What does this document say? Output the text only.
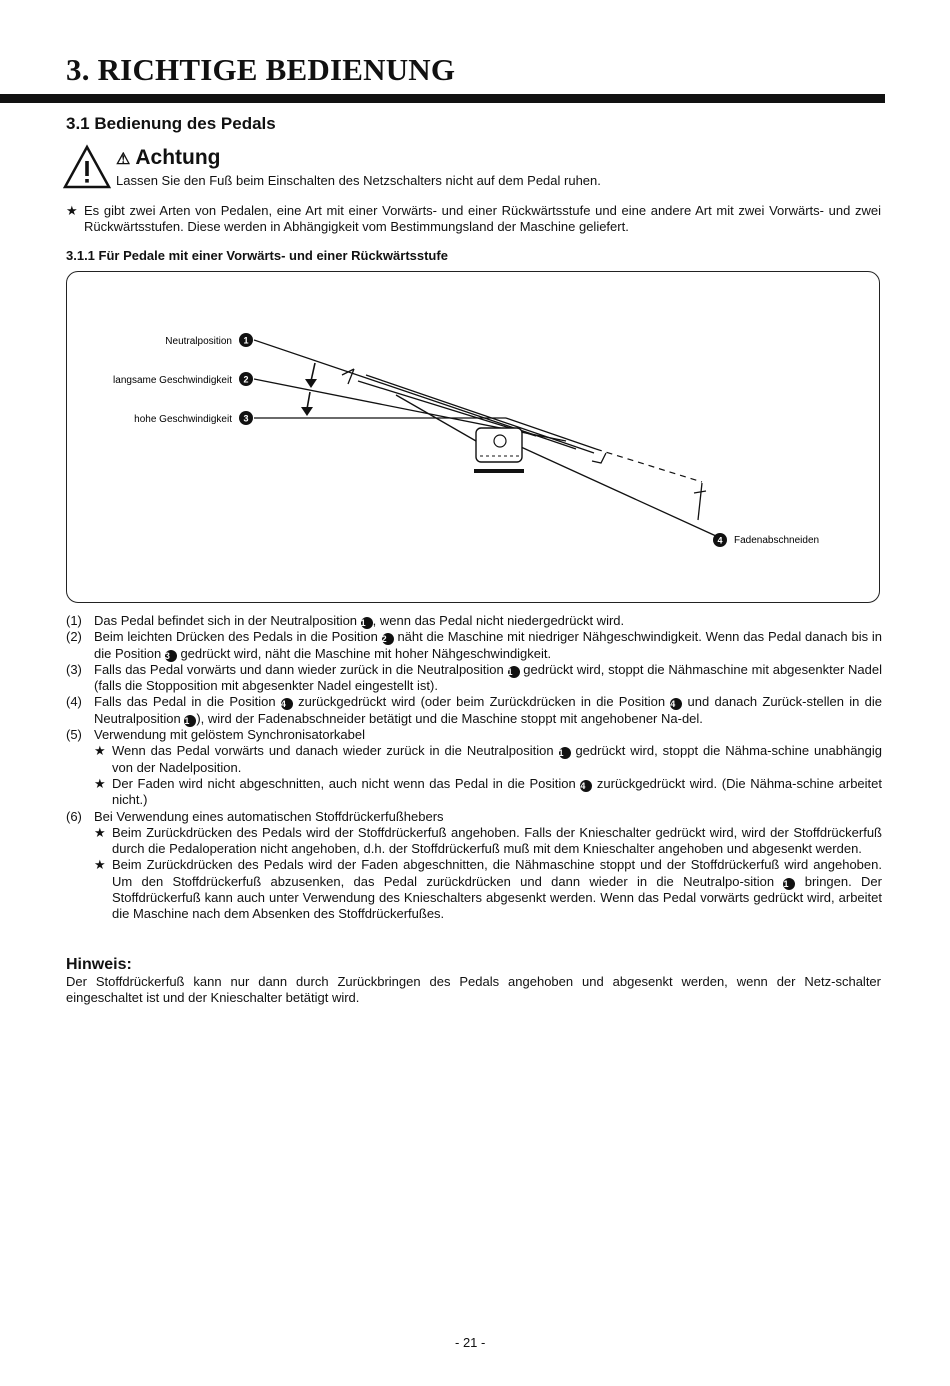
3. RICHTIGE BEDIENUNG
3.1 Bedienung des Pedals
⚠ Achtung
Lassen Sie den Fuß beim Einschalten des Netzschalters nicht auf dem Pedal ruhen.
★ Es gibt zwei Arten von Pedalen, eine Art mit einer Vorwärts- und einer Rückwärtsstufe und eine andere Art mit zwei Vorwärts- und zwei Rückwärtsstufen. Diese werden in Abhängigkeit vom Bestimmungsland der Maschine geliefert.
3.1.1 Für Pedale mit einer Vorwärts- und einer Rückwärtsstufe
Neutralposition 1
langsame Geschwindigkeit 2
hohe Geschwindigkeit 3
4 Fadenabschneiden

(1) Das Pedal befindet sich in der Neutralposition 1 , wenn das Pedal nicht niedergedrückt wird.

(2) Beim leichten Drücken des Pedals in die Position 2 näht die Maschine mit niedriger Nähgeschwindigkeit. Wenn das Pedal danach bis in die Position 3 gedrückt wird, näht die Maschine mit hoher Nähgeschwindigkeit.

(3) Falls das Pedal vorwärts und dann wieder zurück in die Neutralposition 1 gedrückt wird, stoppt die Nähmaschine mit abgesenkter Nadel (falls die Stopposition mit abgesenkter Nadel eingestellt ist).

(4) Falls das Pedal in die Position 4 zurückgedrückt wird (oder beim Zurückdrücken in die Position 4 und danach Zurück-stellen in die Neutralposition 1 ), wird der Fadenabschneider betätigt und die Maschine stoppt mit angehobener Na-del.

(5) Verwendung mit gelöstem Synchronisatorkabel

★ Wenn das Pedal vorwärts und danach wieder zurück in die Neutralposition 1 gedrückt wird, stoppt die Nähma-schine unabhängig von der Nadelposition.

★ Der Faden wird nicht abgeschnitten, auch nicht wenn das Pedal in die Position 4 zurückgedrückt wird. (Die Nähma-schine arbeitet nicht.)

(6) Bei Verwendung eines automatischen Stoffdrückerfußhebers

★ Beim Zurückdrücken des Pedals wird der Stoffdrückerfuß angehoben. Falls der Knieschalter gedrückt wird, wird der Stoffdrückerfuß durch die Pedaloperation nicht angehoben, d.h. der Stoffdrückerfuß muß mit dem Knieschalter angehoben und abgesenkt werden.

★ Beim Zurückdrücken des Pedals wird der Faden abgeschnitten, die Nähmaschine stoppt und der Stoffdrückerfuß wird angehoben. Um den Stoffdrückerfuß abzusenken, das Pedal zurückdrücken und dann wieder in die Neutralpo-sition 1 bringen. Der Stoffdrückerfuß kann auch unter Verwendung des Knieschalters abgesenkt werden. Wenn das Pedal vorwärts gedrückt wird, arbeitet die Maschine nach dem Absenken des Stoffdrückerfußes.

Hinweis:
Der Stoffdrückerfuß kann nur dann durch Zurückbringen des Pedals angehoben und abgesenkt werden, wenn der Netz-schalter eingeschaltet ist und der Knieschalter betätigt wird.
- 21 -
